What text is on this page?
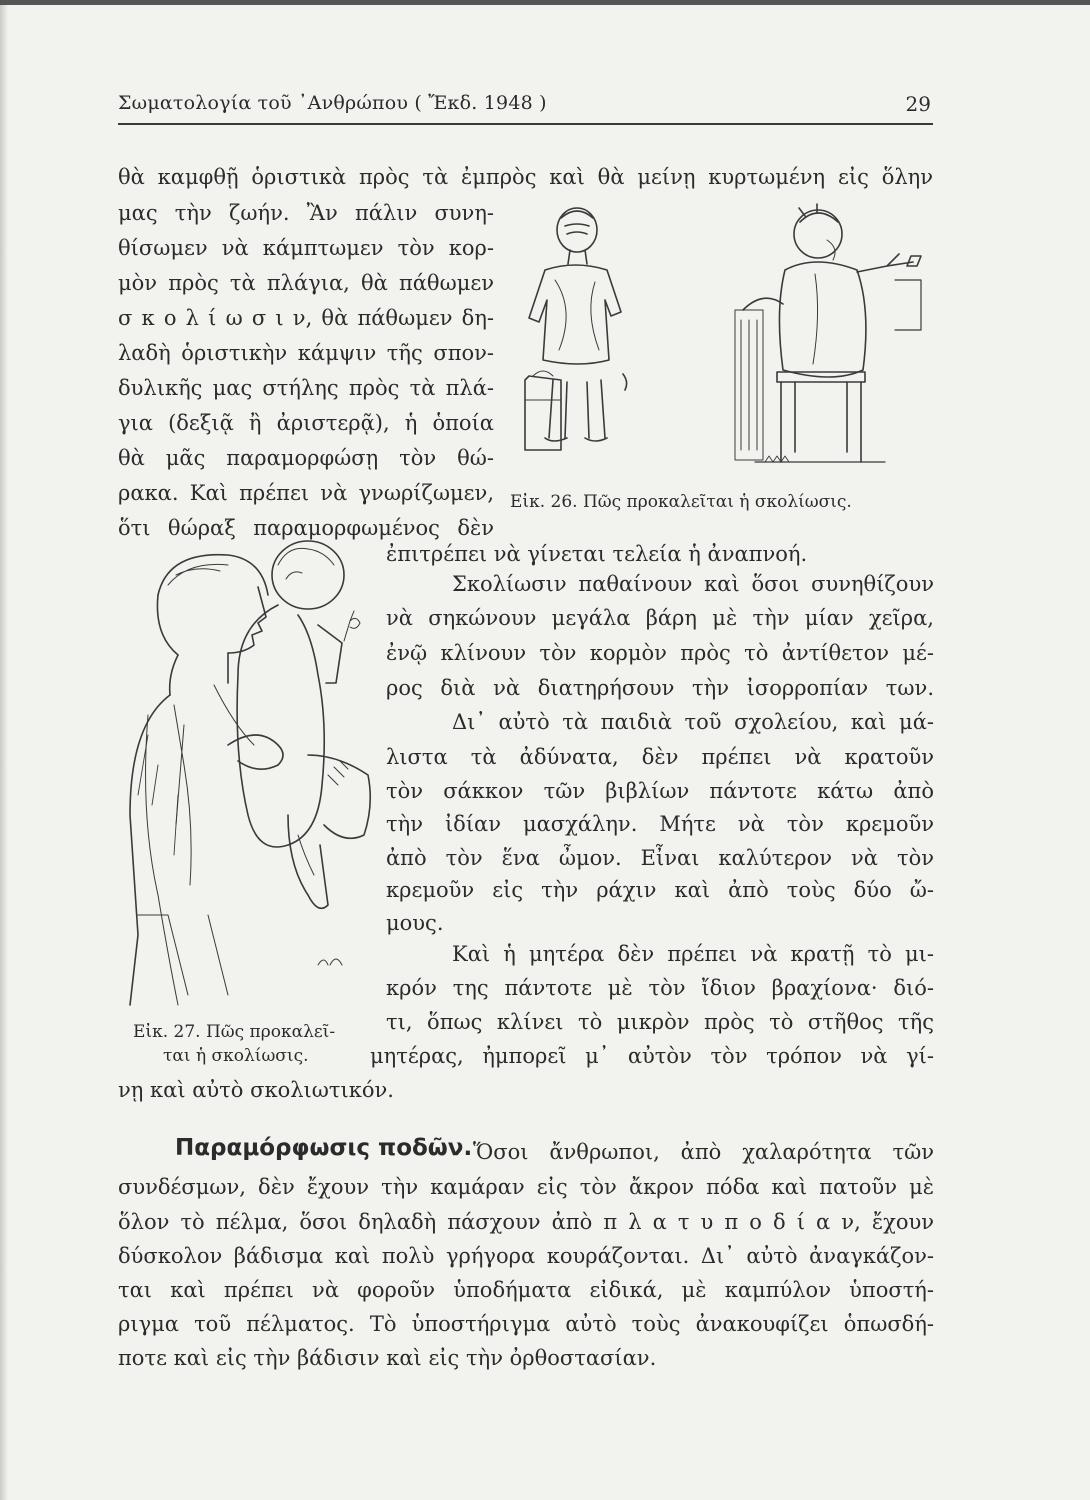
Σωματολογία τοῦ ᾿Ανθρώπου ( Ἔκδ. 1948 )	29
θὰ καμφθῇ ὁριστικὰ πρὸς τὰ ἐμπρὸς καὶ θὰ μείνῃ κυρτωμένη εἰς ὅλην
μας τὴν ζωήν. Ἂν πάλιν συνη-
θίσωμεν νὰ κάμπτωμεν τὸν κορ-
μὸν πρὸς τὰ πλάγια, θὰ πάθωμεν
σ κ ο λ ί ω σ ι ν, θὰ πάθωμεν δη-
λαδὴ ὁριστικὴν κάμψιν τῆς σπον-
δυλικῆς μας στήλης πρὸς τὰ πλά-
για (δεξιᾷ ἢ ἀριστερᾷ), ἡ ὁποία
θὰ μᾶς παραμορφώσῃ τὸν θώ-
ρακα. Καὶ πρέπει νὰ γνωρίζωμεν,
ὅτι θώραξ παραμορφωμένος δὲν
ἐπιτρέπει νὰ γίνεται τελεία ἡ ἀναπνοή.
Εἰκ. 26. Πῶς προκαλεῖται ἡ σκολίωσις.
Σκολίωσιν παθαίνουν καὶ ὅσοι συνηθίζουν
νὰ σηκώνουν μεγάλα βάρη μὲ τὴν μίαν χεῖρα,
ἐνῷ κλίνουν τὸν κορμὸν πρὸς τὸ ἀντίθετον μέ-
ρος διὰ νὰ διατηρήσουν τὴν ἰσορροπίαν των.
Δι᾿ αὐτὸ τὰ παιδιὰ τοῦ σχολείου, καὶ μά-
λιστα τὰ ἀδύνατα, δὲν πρέπει νὰ κρατοῦν
τὸν σάκκον τῶν βιβλίων πάντοτε κάτω ἀπὸ
τὴν ἰδίαν μασχάλην. Μήτε νὰ τὸν κρεμοῦν
ἀπὸ τὸν ἕνα ὦμον. Εἶναι καλύτερον νὰ τὸν
κρεμοῦν εἰς τὴν ράχιν καὶ ἀπὸ τοὺς δύο ὤ-
μους.
Καὶ ἡ μητέρα δὲν πρέπει νὰ κρατῇ τὸ μι-
κρόν της πάντοτε μὲ τὸν ἴδιον βραχίονα· διό-
τι, ὅπως κλίνει τὸ μικρὸν πρὸς τὸ στῆθος τῆς
μητέρας, ἠμπορεῖ μ᾿ αὐτὸν τὸν τρόπον νὰ γί-
νῃ καὶ αὐτὸ σκολιωτικόν.
Εἰκ. 27. Πῶς προκαλεῖ-
ται ἡ σκολίωσις.
Παραμόρφωσις ποδῶν. Ὅσοι ἄνθρωποι, ἀπὸ χαλαρότητα τῶν
συνδέσμων, δὲν ἔχουν τὴν καμάραν εἰς τὸν ἄκρον πόδα καὶ πατοῦν μὲ
ὅλον τὸ πέλμα, ὅσοι δηλαδὴ πάσχουν ἀπὸ π λ α τ υ π ο δ ί α ν, ἔχουν
δύσκολον βάδισμα καὶ πολὺ γρήγορα κουράζονται. Δι᾿ αὐτὸ ἀναγκάζον-
ται καὶ πρέπει νὰ φοροῦν ὑποδήματα εἰδικά, μὲ καμπύλον ὑποστή-
ριγμα τοῦ πέλματος. Τὸ ὑποστήριγμα αὐτὸ τοὺς ἀνακουφίζει ὁπωσδή-
ποτε καὶ εἰς τὴν βάδισιν καὶ εἰς τὴν ὀρθοστασίαν.
